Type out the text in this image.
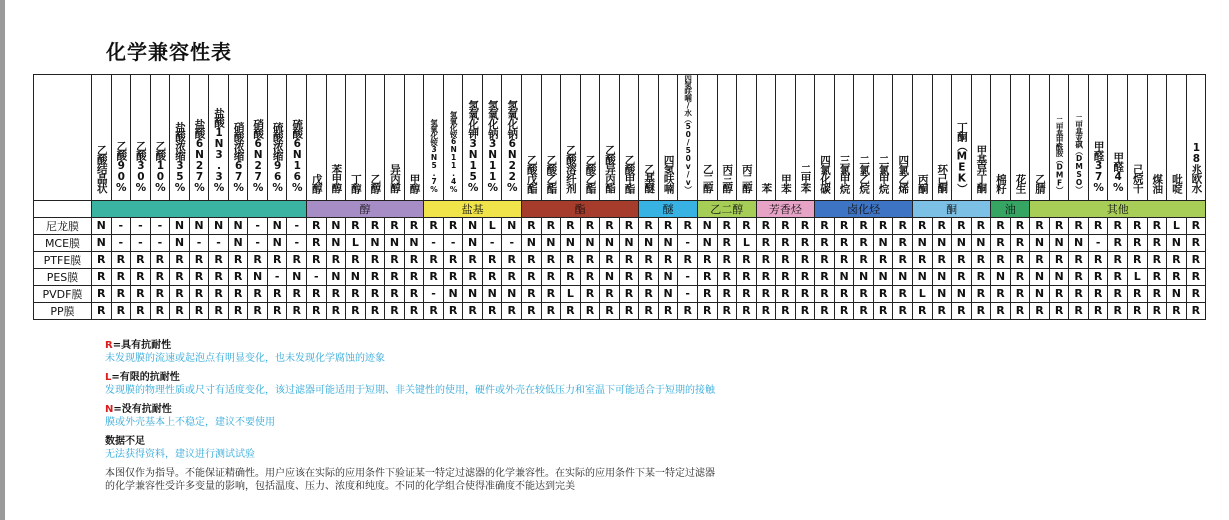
化学兼容性表
	乙酸结晶状	乙酸90%	乙酸30%	乙酸10%	盐酸浓缩35%	盐酸6N27%	盐酸1N3.3%	硝酸浓缩67%	硝酸6N27%	硫酸浓缩96%	硫酸6N16%	戊醇	苯甲醇	丁醇	乙醇	异丙醇	甲醇	氢氧化铵3N5.7%	氢氧化铵6N11.4%	氢氧化钾3N15%	氢氧化钠3N11%	氢氧化钠6N22%	乙酸戊酯	乙酸乙酯	乙酸溶纤剂	乙酸乙酯	乙酸异丙酯	乙酸甲酯	乙基醚	四氢呋喃	四氢呋喃/水（50/50v/v）	乙二醇	丙三醇	丙二醇	苯	甲苯	二甲苯	四氯化碳	三氯甲烷	二氯乙烷	二氯甲烷	四氯乙烯	丙酮	环己酮	丁酮（MEK）	甲基异丁酮	棉籽	花生	乙腈	二甲基甲酰胺（DMF）	二甲基亚砜（DMSO）	甲醛37%	甲醛4%	己烷干	煤油	吡啶	18兆欧水
												醇						盐基					酯						醚			乙二醇			芳香烃			卤化烃					酮				油		其他								
尼龙膜	N	-	-	-	N	N	N	N	-	N	-	R	N	R	R	R	R	R	R	N	L	N	R	R	R	R	R	R	R	R	R	N	R	R	R	R	R	R	R	R	R	R	R	R	R	R	R	R	R	R	R	R	R	R	R	L	R
MCE膜	N	-	-	-	N	-	-	N	-	N	-	R	N	L	N	N	N	-	-	N	-	-	N	N	N	N	N	N	N	N	-	N	R	L	R	R	R	R	R	R	N	R	N	N	N	N	R	R	N	N	N	-	R	R	R	N	R
PTFE膜	R	R	R	R	R	R	R	R	R	R	R	R	R	R	R	R	R	R	R	R	R	R	R	R	R	R	R	R	R	R	R	R	R	R	R	R	R	R	R	R	R	R	R	R	R	R	R	R	R	R	R	R	R	R	R	R	R
PES膜	R	R	R	R	R	R	R	R	N	-	N	-	N	N	R	R	R	R	R	R	R	R	R	R	R	R	N	R	R	N	-	R	R	R	R	R	R	R	N	N	N	N	N	N	R	R	N	R	N	N	R	R	R	L	R	R	R
PVDF膜	R	R	R	R	R	R	R	R	R	R	R	R	R	R	R	R	R	-	N	N	N	N	R	R	L	R	R	R	R	N	-	R	R	R	R	R	R	R	R	R	R	R	L	N	N	R	R	R	N	R	R	R	R	R	R	N	R
PP膜	R	R	R	R	R	R	R	R	R	R	R	R	R	R	R	R	R	R	R	R	R	R	R	R	R	R	R	R	R	R	R	R	R	R	R	R	R	R	R	R	R	R	R	R	R	R	R	R	R	R	R	R	R	R	R	R	R
R=具有抗耐性
未发现膜的流速或起泡点有明显变化，也未发现化学腐蚀的迹象
L=有限的抗耐性
发现膜的物理性质或尺寸有适度变化，该过滤器可能适用于短期、非关键性的使用，硬件或外壳在较低压力和室温下可能适合于短期的接触
N=没有抗耐性
膜或外壳基本上不稳定，建议不要使用
数据不足
无法获得资料，建议进行测试试验
本图仅作为指导。不能保证精确性。用户应该在实际的应用条件下验证某一特定过滤器的化学兼容性。在实际的应用条件下某一特定过滤器
的化学兼容性受许多变量的影响，包括温度、压力、浓度和纯度。不同的化学组合使得准确度不能达到完美
